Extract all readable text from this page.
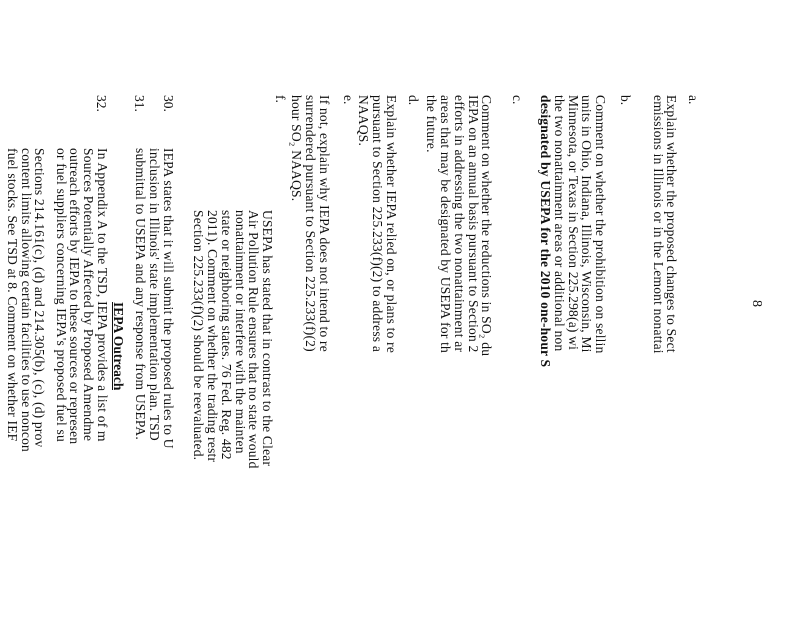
8
a.
Explain whether the proposed changes to Sect
emissions in Illinois or in the Lemont nonattai
b.
Comment on whether the prohibition on sellin
units in Ohio, Indiana, Illinois, Wisconsin, Mi
Minnesota, or Texas in Section 225.298(a) wi
the two nonattainment areas or additional non
designated by USEPA for the 2010 one-hour S
c.
Comment on whether the reductions in SO₂ du
IEPA on an annual basis pursuant to Section 2
efforts in addressing the two nonattainment ar
areas that may be designated by USEPA for th
the future.
d.
Explain whether IEPA relied on, or plans to re
pursuant to Section 225.233(f)(2) to address a
NAAQS.
e.
If not, explain why IEPA does not intend to re
surrendered pursuant to Section 225.233(f)(2)
hour SO₂ NAAQS.
f.
USEPA has stated that in contrast to the Clear
Air Pollution Rule ensures that no state would
nonattainment or interfere with the mainten
state or neighboring states. 76 Fed. Reg. 482
2011). Comment on whether the trading restr
Section 225.233(f)(2) should be reevaluated.
30.
IEPA states that it will submit the proposed rules to U
inclusion in Illinois' state implementation plan. TSD
submittal to USEPA and any response from USEPA.
IEPA Outreach
31.
In Appendix A to the TSD, IEPA provides a list of m
Sources Potentially Affected by Proposed Amendme
outreach efforts by IEPA to these sources or represen
or fuel suppliers concerning IEPA's proposed fuel su
32.
Sections 214.161(c), (d) and 214.305(b), (c), (d) prov
content limits allowing certain facilities to use noncon
fuel stocks. See TSD at 8. Comment on whether IEF
